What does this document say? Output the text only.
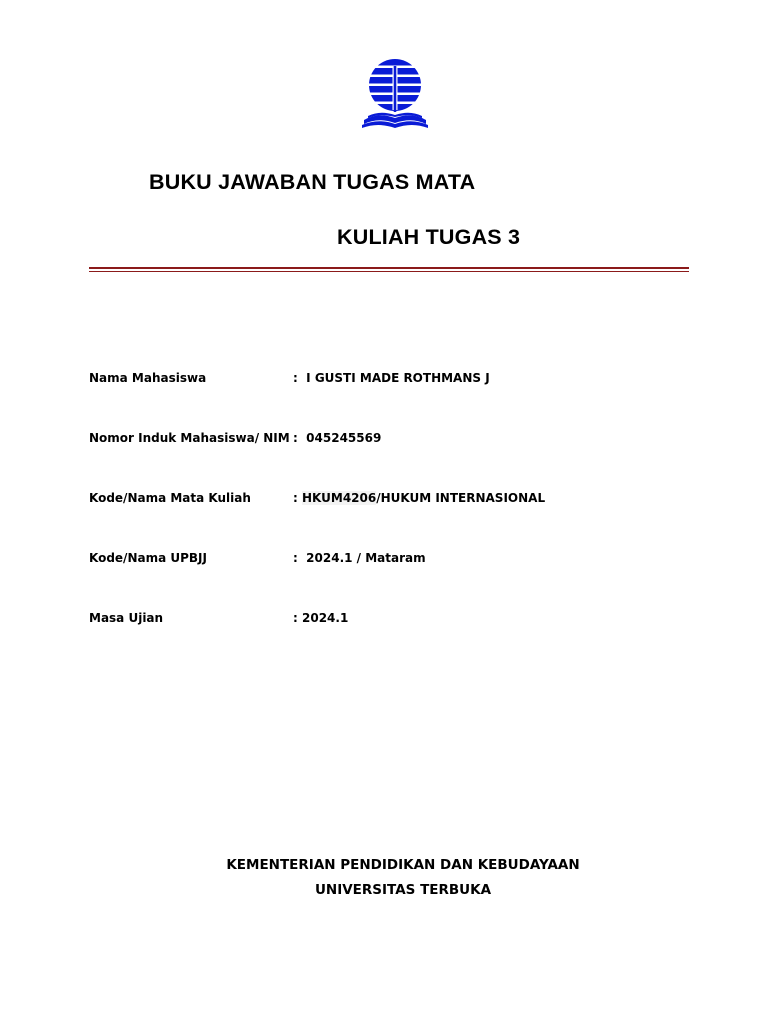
BUKU JAWABAN TUGAS MATA
KULIAH TUGAS 3
Nama Mahasiswa	: I GUSTI MADE ROTHMANS J
Nomor Induk Mahasiswa/ NIM : 045245569
Kode/Nama Mata Kuliah	: HKUM4206/HUKUM INTERNASIONAL
Kode/Nama UPBJJ	: 2024.1 / Mataram
Masa Ujian	: 2024.1
KEMENTERIAN PENDIDIKAN DAN KEBUDAYAAN
UNIVERSITAS TERBUKA
